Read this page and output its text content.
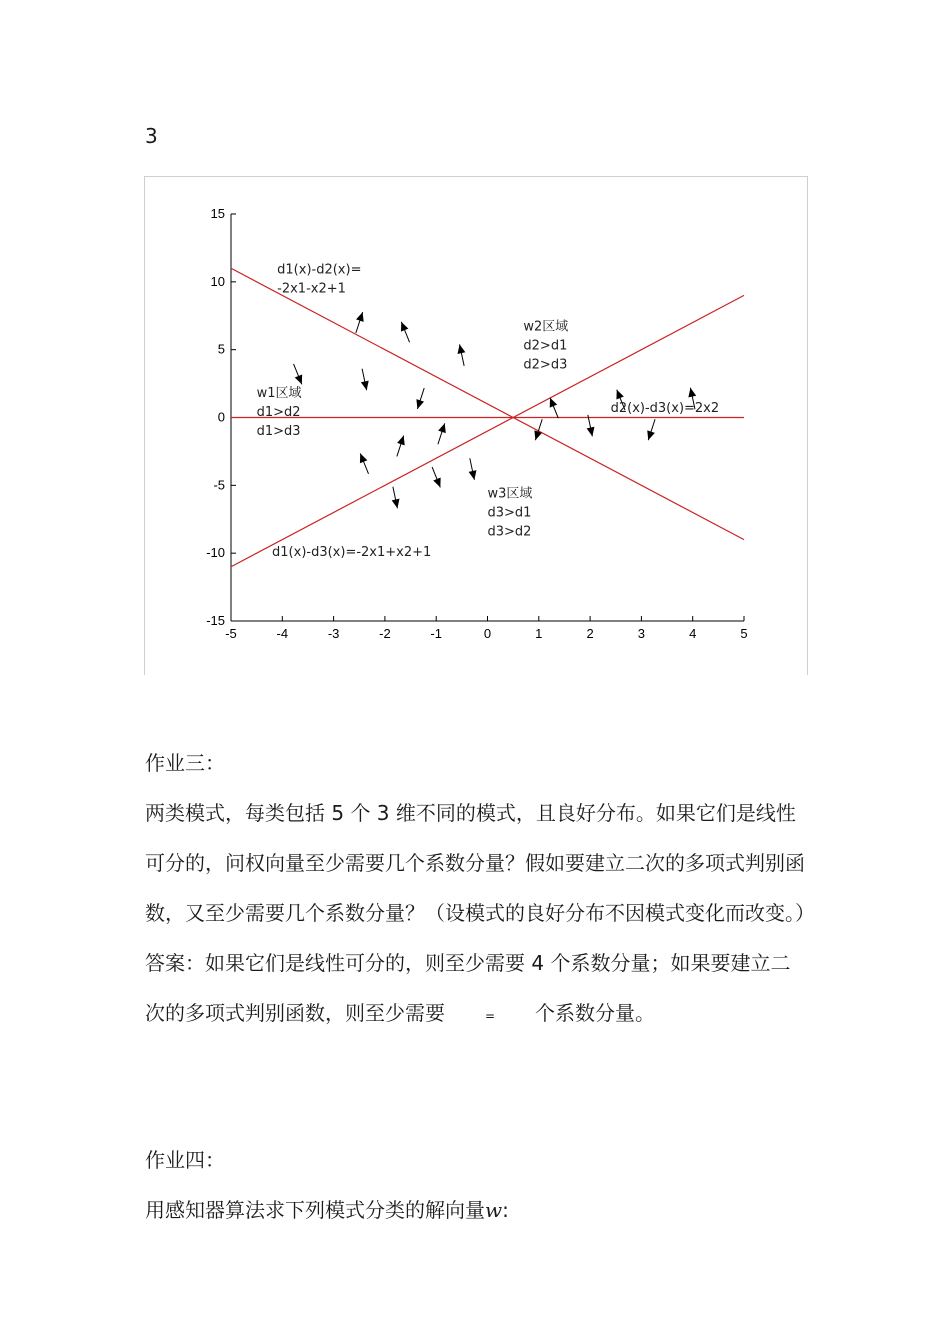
3
-5	-4	-3	-2	-1	0	1	2	3	4	5
-15
-10
-5
0
5
10
15
d1(x)-d2(x)=
-2x1-x2+1
w2区域
d2>d1
d2>d3
w1区域
d1>d2
d1>d3
d2(x)-d3(x)=2x2
w3区域
d3>d1
d3>d2
d1(x)-d3(x)=-2x1+x2+1

作业三：

两类模式，每类包括 5 个 3 维不同的模式，且良好分布。如果它们是线性可分的，问权向量至少需要几个系数分量？假如要建立二次的多项式判别函数，又至少需要几个系数分量？（设模式的良好分布不因模式变化而改变。）

答案：如果它们是线性可分的，则至少需要 4 个系数分量；如果要建立二次的多项式判别函数，则至少需要	= 个系数分量。

作业四：

用感知器算法求下列模式分类的解向量w:
